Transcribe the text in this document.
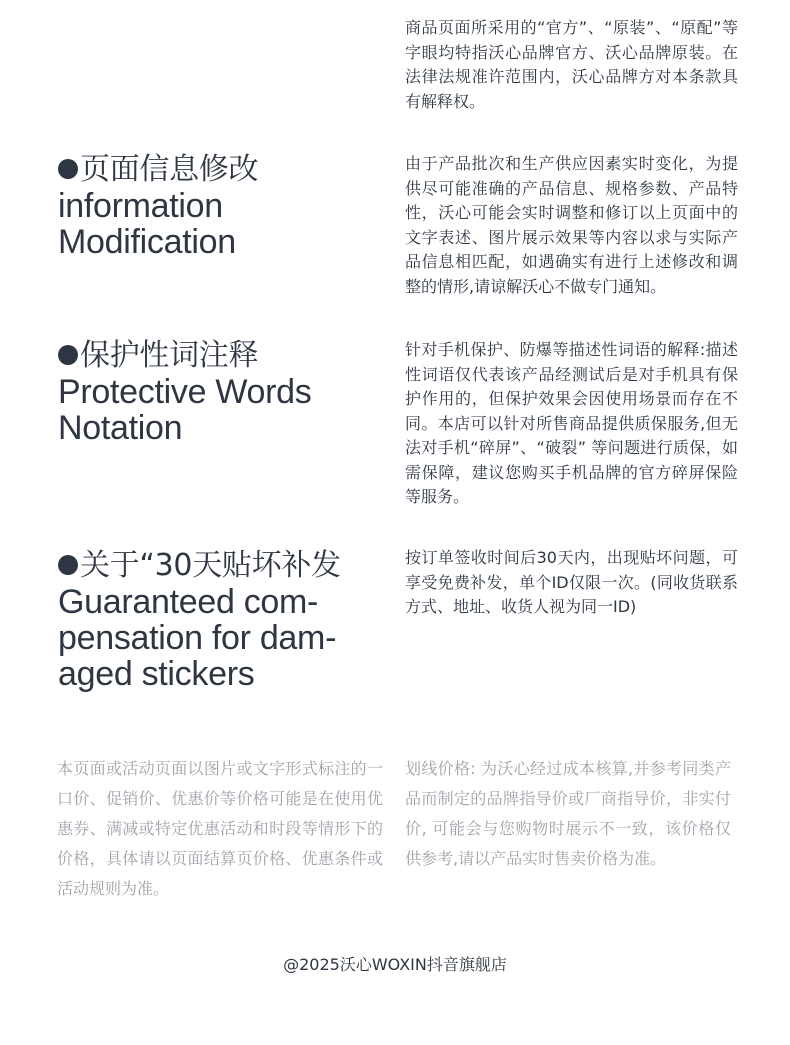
商品页面所采用的“官方”、“原装”、“原配”等字眼均特指沃心品牌官方、沃心品牌原装。在法律法规准许范围内，沃心品牌方对本条款具有解释权。

页面信息修改
information Modification

由于产品批次和生产供应因素实时变化，为提供尽可能准确的产品信息、规格参数、产品特性，沃心可能会实时调整和修订以上页面中的文字表述、图片展示效果等内容以求与实际产品信息相匹配，如遇确实有进行上述修改和调整的情形,请谅解沃心不做专门通知。

保护性词注释
Protective Words Notation

针对手机保护、防爆等描述性词语的解释:描述性词语仅代表该产品经测试后是对手机具有保护作用的，但保护效果会因使用场景而存在不同。本店可以针对所售商品提供质保服务,但无法对手机“碎屏”、“破裂” 等问题进行质保，如需保障，建议您购买手机品牌的官方碎屏保险等服务。

关于“30天贴坏补发
Guaranteed com-pensation for dam-aged stickers

按订单签收时间后30天内，出现贴坏问题，可享受免费补发，单个ID仅限一次。(同收货联系方式、地址、收货人视为同一ID)

本页面或活动页面以图片或文字形式标注的一口价、促销价、优惠价等价格可能是在使用优惠券、满减或特定优惠活动和时段等情形下的价格，具体请以页面结算页价格、优惠条件或活动规则为准。

划线价格: 为沃心经过成本核算,并参考同类产品而制定的品牌指导价或厂商指导价，非实付价, 可能会与您购物时展示不一致，该价格仅供参考,请以产品实时售卖价格为准。

@2025沃心WOXIN抖音旗舰店
